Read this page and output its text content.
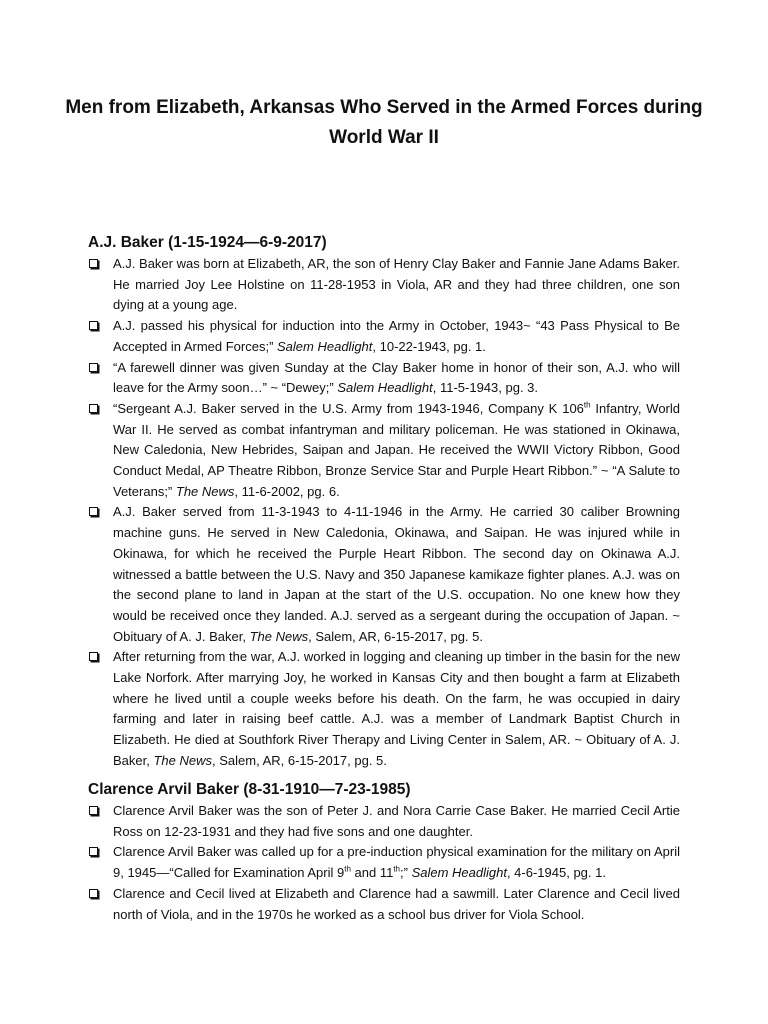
Men from Elizabeth, Arkansas Who Served in the Armed Forces during World War II
A.J. Baker (1-15-1924—6-9-2017)
A.J. Baker was born at Elizabeth, AR, the son of Henry Clay Baker and Fannie Jane Adams Baker. He married Joy Lee Holstine on 11-28-1953 in Viola, AR and they had three children, one son dying at a young age.
A.J. passed his physical for induction into the Army in October, 1943~ “43 Pass Physical to Be Accepted in Armed Forces;” Salem Headlight, 10-22-1943, pg. 1.
“A farewell dinner was given Sunday at the Clay Baker home in honor of their son, A.J. who will leave for the Army soon…” ~ “Dewey;” Salem Headlight, 11-5-1943, pg. 3.
“Sergeant A.J. Baker served in the U.S. Army from 1943-1946, Company K 106th Infantry, World War II. He served as combat infantryman and military policeman. He was stationed in Okinawa, New Caledonia, New Hebrides, Saipan and Japan. He received the WWII Victory Ribbon, Good Conduct Medal, AP Theatre Ribbon, Bronze Service Star and Purple Heart Ribbon.” ~ “A Salute to Veterans;” The News, 11-6-2002, pg. 6.
A.J. Baker served from 11-3-1943 to 4-11-1946 in the Army. He carried 30 caliber Browning machine guns. He served in New Caledonia, Okinawa, and Saipan. He was injured while in Okinawa, for which he received the Purple Heart Ribbon. The second day on Okinawa A.J. witnessed a battle between the U.S. Navy and 350 Japanese kamikaze fighter planes. A.J. was on the second plane to land in Japan at the start of the U.S. occupation. No one knew how they would be received once they landed. A.J. served as a sergeant during the occupation of Japan. ~ Obituary of A. J. Baker, The News, Salem, AR, 6-15-2017, pg. 5.
After returning from the war, A.J. worked in logging and cleaning up timber in the basin for the new Lake Norfork. After marrying Joy, he worked in Kansas City and then bought a farm at Elizabeth where he lived until a couple weeks before his death. On the farm, he was occupied in dairy farming and later in raising beef cattle. A.J. was a member of Landmark Baptist Church in Elizabeth. He died at Southfork River Therapy and Living Center in Salem, AR. ~ Obituary of A. J. Baker, The News, Salem, AR, 6-15-2017, pg. 5.
Clarence Arvil Baker (8-31-1910—7-23-1985)
Clarence Arvil Baker was the son of Peter J. and Nora Carrie Case Baker. He married Cecil Artie Ross on 12-23-1931 and they had five sons and one daughter.
Clarence Arvil Baker was called up for a pre-induction physical examination for the military on April 9, 1945—“Called for Examination April 9th and 11th;” Salem Headlight, 4-6-1945, pg. 1.
Clarence and Cecil lived at Elizabeth and Clarence had a sawmill. Later Clarence and Cecil lived north of Viola, and in the 1970s he worked as a school bus driver for Viola School.
